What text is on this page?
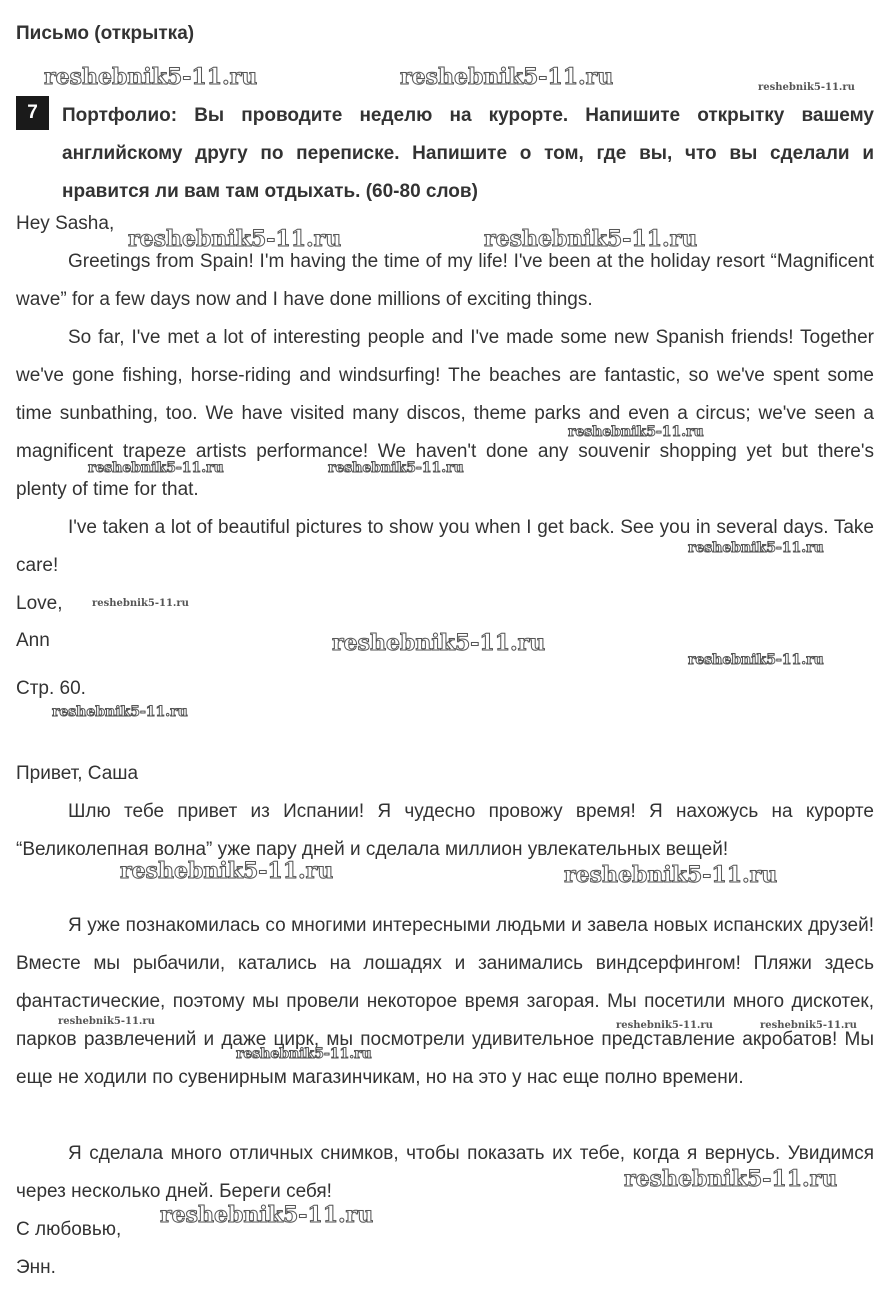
Письмо (открытка)
7	Портфолио: Вы проводите неделю на курорте. Напишите открытку вашему английскому другу по переписке. Напишите о том, где вы, что вы сделали и нравится ли вам там отдыхать. (60-80 слов)
Hey Sasha,
Greetings from Spain! I'm having the time of my life! I've been at the holiday resort “Magnificent wave” for a few days now and I have done millions of exciting things.
So far, I've met a lot of interesting people and I've made some new Spanish friends! Together we've gone fishing, horse-riding and windsurfing! The beaches are fantastic, so we've spent some time sunbathing, too. We have visited many discos, theme parks and even a circus; we've seen a magnificent trapeze artists performance! We haven't done any souvenir shopping yet but there's plenty of time for that.
I've taken a lot of beautiful pictures to show you when I get back. See you in several days. Take care!
Love,
Ann
Стр. 60.
Привет, Саша
Шлю тебе привет из Испании! Я чудесно провожу время! Я нахожусь на курорте “Великолепная волна” уже пару дней и сделала миллион увлекательных вещей!
Я уже познакомилась со многими интересными людьми и завела новых испанских друзей! Вместе мы рыбачили, катались на лошадях и занимались виндсерфингом! Пляжи здесь фантастические, поэтому мы провели некоторое время загорая. Мы посетили много дискотек, парков развлечений и даже цирк, мы посмотрели удивительное представление акробатов! Мы еще не ходили по сувенирным магазинчикам, но на это у нас еще полно времени.
Я сделала много отличных снимков, чтобы показать их тебе, когда я вернусь. Увидимся через несколько дней. Береги себя!
С любовью,
Энн.
reshebnik5-11.ru	reshebnik5-11.ru	reshebnik5-11.ru
reshebnik5-11.ru	reshebnik5-11.ru
reshebnik5-11.ru
reshebnik5-11.ru	reshebnik5-11.ru
reshebnik5-11.ru
reshebnik5-11.ru
reshebnik5-11.ru
reshebnik5-11.ru
reshebnik5-11.ru
reshebnik5-11.ru	reshebnik5-11.ru
reshebnik5-11.ru	reshebnik5-11.ru	reshebnik5-11.ru
reshebnik5-11.ru
reshebnik5-11.ru
reshebnik5-11.ru
